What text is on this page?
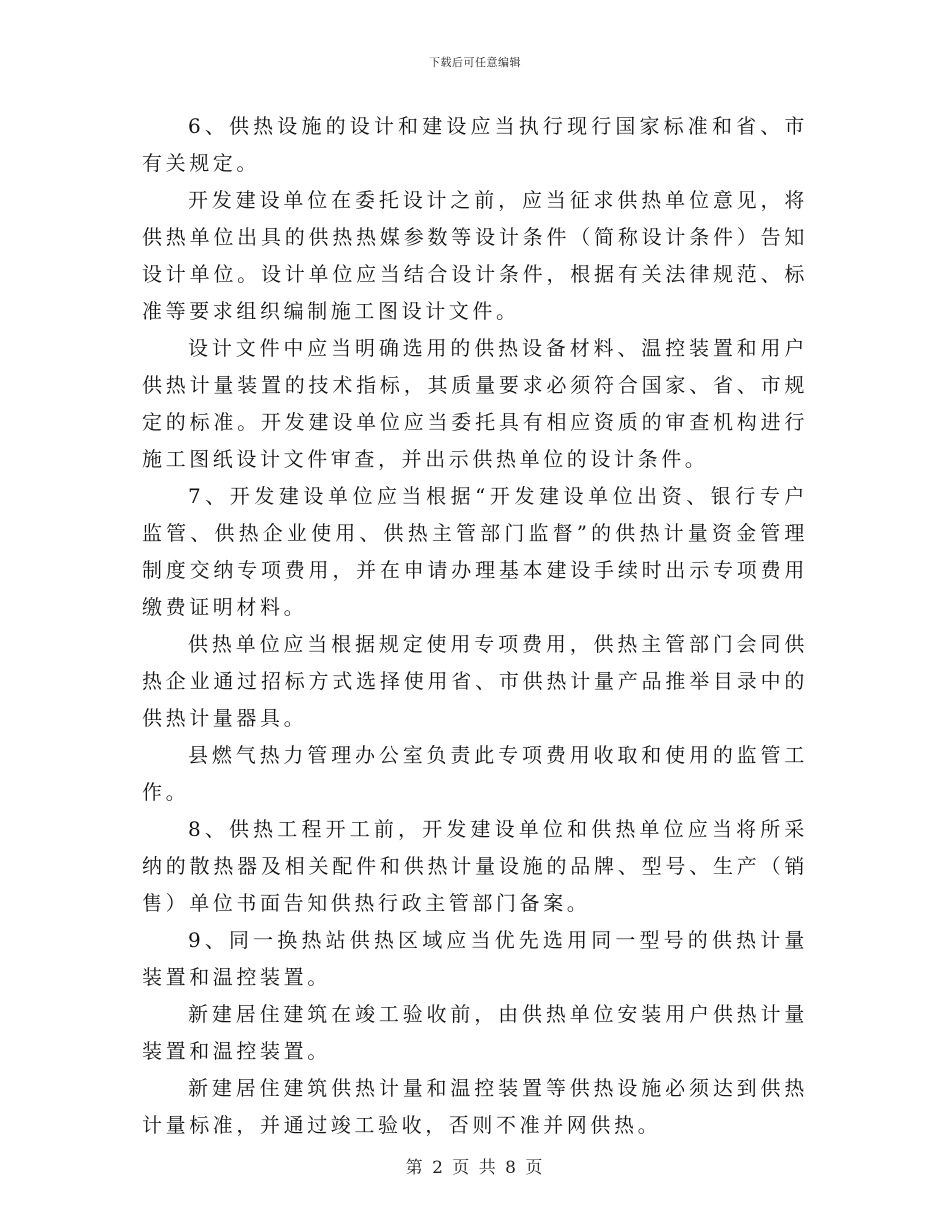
下载后可任意编辑

6、供热设施的设计和建设应当执行现行国家标准和省、市有关规定。

开发建设单位在委托设计之前，应当征求供热单位意见，将供热单位出具的供热热媒参数等设计条件（简称设计条件）告知设计单位。设计单位应当结合设计条件，根据有关法律规范、标准等要求组织编制施工图设计文件。

设计文件中应当明确选用的供热设备材料、温控装置和用户供热计量装置的技术指标，其质量要求必须符合国家、省、市规定的标准。开发建设单位应当委托具有相应资质的审查机构进行施工图纸设计文件审查，并出示供热单位的设计条件。

7、开发建设单位应当根据“开发建设单位出资、银行专户监管、供热企业使用、供热主管部门监督”的供热计量资金管理制度交纳专项费用，并在申请办理基本建设手续时出示专项费用缴费证明材料。

供热单位应当根据规定使用专项费用，供热主管部门会同供热企业通过招标方式选择使用省、市供热计量产品推举目录中的供热计量器具。

县燃气热力管理办公室负责此专项费用收取和使用的监管工作。

8、供热工程开工前，开发建设单位和供热单位应当将所采纳的散热器及相关配件和供热计量设施的品牌、型号、生产（销售）单位书面告知供热行政主管部门备案。

9、同一换热站供热区域应当优先选用同一型号的供热计量装置和温控装置。

新建居住建筑在竣工验收前，由供热单位安装用户供热计量装置和温控装置。

新建居住建筑供热计量和温控装置等供热设施必须达到供热计量标准，并通过竣工验收，否则不准并网供热。

第 2 页 共 8 页
